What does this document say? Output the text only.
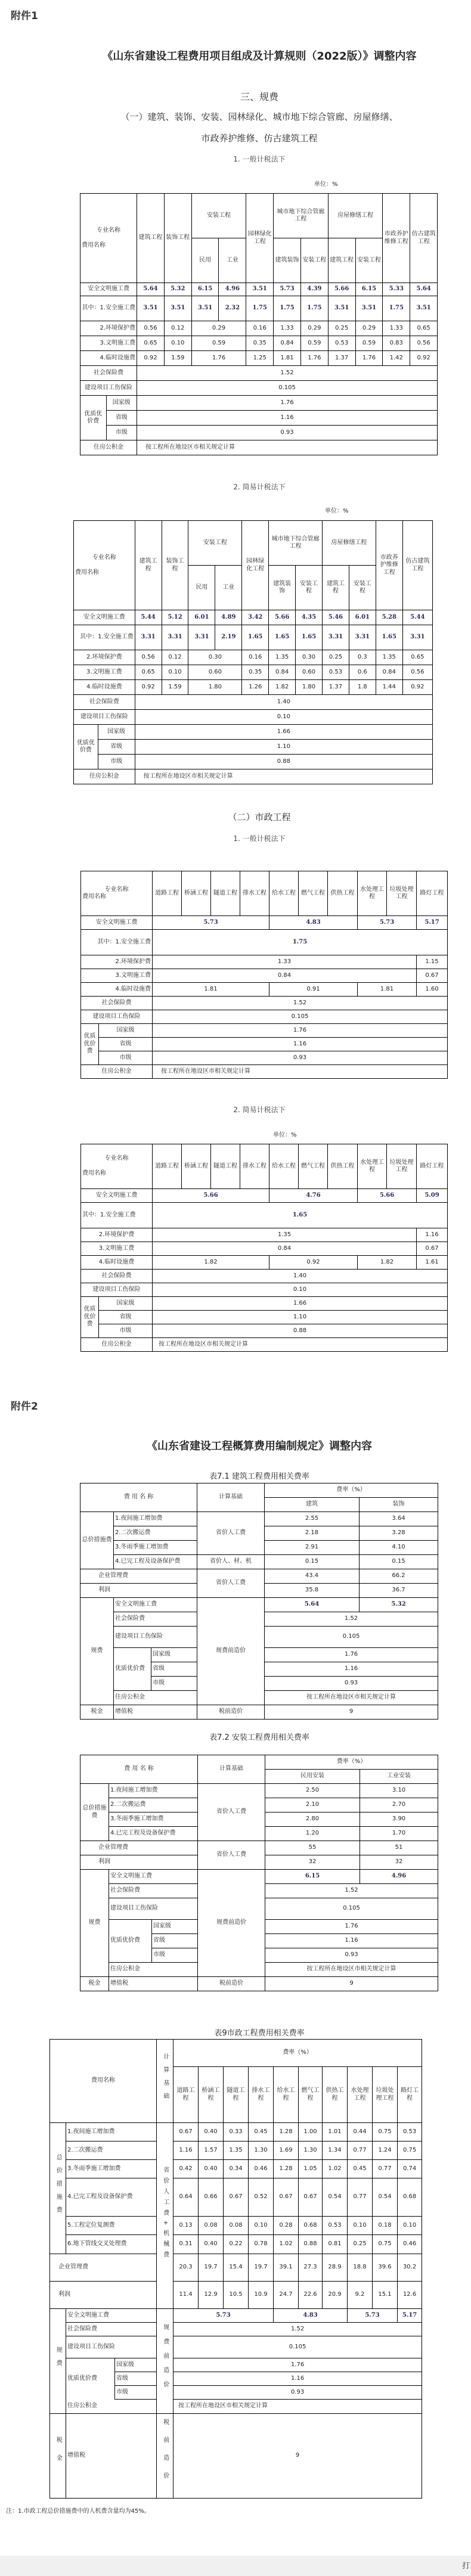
附件1
《山东省建设工程费用项目组成及计算规则（2022版）》调整内容
三、规费
（一）建筑、装饰、安装、园林绿化、城市地下综合管廊、房屋修缮、
市政养护维修、仿古建筑工程
1. 一般计税法下
单位：%
专业名称

费用名称		建筑工程	装饰工程	安装工程		园林绿化工程	城市地下综合管廊工程		房屋修缮工程		市政养护维修工程	仿古建筑工程
				民用	工业		建筑装饰	安装工程	建筑工程	安装工程		
安全文明施工费		5.64	5.32	6.15	4.96	3.51	5.73	4.39	5.66	6.15	5.33	5.64
其中：1.安全施工费		3.51	3.51	3.51	2.32	1.75	1.75	1.75	3.51	3.51	1.75	3.51
2.环境保护费		0.56	0.12	0.29		0.16	1.33	0.29	0.25	0.29	1.33	0.65
3.文明施工费		0.65	0.10	0.59		0.35	0.84	0.59	0.53	0.59	0.83	0.56
4.临时设施费		0.92	1.59	1.76		1.25	1.81	1.76	1.37	1.76	1.42	0.92
社会保险费		1.52										
建设项目工伤保险		0.105										
优质优价费	国家级	1.76										
	省级	1.16										
	市级	0.93										
住房公积金		按工程所在地设区市相关规定计算										
2. 简易计税法下
单位：%
专业名称

费用名称		建筑工程	装饰工程	安装工程		园林绿化工程	城市地下综合管廊工程		房屋修缮工程		市政养护维修工程	仿古建筑工程
				民用	工业		建筑装饰	安装工程	建筑工程	安装工程		
安全文明施工费		5.44	5.12	6.01	4.89	3.42	5.66	4.35	5.46	6.01	5.28	5.44
其中：1.安全施工费		3.31	3.31	3.31	2.19	1.65	1.65	1.65	3.31	3.31	1.65	3.31
2.环境保护费		0.56	0.12	0.30		0.16	1.35	0.30	0.25	0.3	1.35	0.65
3.文明施工费		0.65	0.10	0.60		0.35	0.84	0.60	0.53	0.6	0.84	0.56
4.临时设施费		0.92	1.59	1.80		1.26	1.82	1.80	1.37	1.8	1.44	0.92
社会保险费		1.40										
建设项目工伤保险		0.10										
优质优价费	国家级	1.66										
	省级	1.10										
	市级	0.88										
住房公积金		按工程所在地设区市相关规定计算										
（二）市政工程
1. 一般计税法下
专业名称
费用名称		道路工程	桥涵工程	隧道工程	排水工程	给水工程	燃气工程	供热工程	水处理工程	垃圾处理工程	路灯工程
安全文明施工费		5.73				4.83			5.73		5.17
其中：1.安全施工费		1.75									
2.环境保护费		1.33									1.15
3.文明施工费		0.84									0.67
4.临时设施费		1.81				0.91			1.81		1.60
社会保险费		1.52									
建设项目工伤保险		0.105									
优质优价费	国家级	1.76									
	省级	1.16									
	市级	0.93									
住房公积金		按工程所在地设区市相关规定计算									
2. 简易计税法下
单位：%
专业名称

费用名称		道路工程	桥涵工程	隧道工程	排水工程	给水工程	燃气工程	供热工程	水处理工程	垃圾处理工程	路灯工程
安全文明施工费		5.66				4.76			5.66		5.09
其中：1.安全施工费		1.65									
2.环境保护费		1.35									1.16
3.文明施工费		0.84									0.67
4.临时设施费		1.82				0.92			1.82		1.61
社会保险费		1.40									
建设项目工伤保险		0.10									
优质优价费	国家级	1.66									
	省级	1.10									
	市级	0.88									
住房公积金		按工程所在地设区市相关规定计算									
附件2
《山东省建设工程概算费用编制规定》调整内容
表7.1 建筑工程费用相关费率
费 用 名 称			计算基础	费率（%）	
				建筑	装饰
总价措施费	1.夜间施工增加费		省价人工费	2.55	3.64
	2.二次搬运费			2.18	3.28
	3.冬雨季施工增加费			2.91	4.10
	4.已完工程及设备保护费		省价人、材、机	0.15	0.15
企业管理费			省价人工费	43.4	66.2
利润				35.8	36.7
规费	安全文明施工费		规费前造价	5.64	5.32
	社会保险费			1.52	
	建设项目工伤保险			0.105	
	优质优价费	国家级		1.76	
		省级		1.16	
		市级		0.93	
	住房公积金			按工程所在地设区市相关规定计算	
税金	增值税		税前造价	9	
表7.2 安装工程费用相关费率
费 用 名 称			计算基础	费率（%）	
				民用安装	工业安装
总价措施费	1.夜间施工增加费		省价人工费	2.50	3.10
	2.二次搬运费			2.10	2.70
	3.冬雨季施工增加费			2.80	3.90
	4.已完工程及设备保护费			1.20	1.70
企业管理费			省价人工费	55	51
利润				32	32
规费	安全文明施工费		规费前造价	6.15	4.96
	社会保险费			1.52	
	建设项目工伤保险			0.105	
	优质优价费	国家级		1.76	
		省级		1.16	
		市级		0.93	
	住房公积金			按工程所在地设区市相关规定计算	
税金	增值税		税前造价	9	
表9市政工程费用相关费率
费用名称			计算基础	费率（%）									
				道路工程	桥涵工程	隧道工程	排水工程	给水工程	燃气工程	供热工程	水处理工程	垃圾处理工程	路灯工程
总价措施费	1.夜间施工增加费		省价人工费+机械费	0.67	0.40	0.33	0.45	1.28	1.00	1.01	0.44	0.75	0.53
	2.二次搬运费			1.16	1.57	1.35	1.30	1.69	1.30	1.34	0.77	1.24	0.75
	3.冬雨季施工增加费			0.42	0.40	0.34	0.46	1.28	1.05	1.02	0.45	0.77	0.74
	4.已完工程及设备保护费			0.64	0.66	0.67	0.52	0.67	0.67	0.54	0.77	0.54	0.68
	5.工程定位复测费			0.13	0.08	0.08	0.10	0.28	0.68	0.53	0.10	0.18	0.10
	6.地下管线交叉处理费			0.31	0.40	0.22	0.78	1.02	0.88	0.81	0.25	0.75	0.46
企业管理费				20.3	19.7	15.4	19.7	39.1	27.3	28.9	18.8	39.6	30.2
利润				11.4	12.9	10.5	10.9	24.7	22.6	20.9	9.2	15.1	12.6
规费	安全文明施工费		规费前造价	5.73				4.83			5.73		5.17
	社会保险费			1.52									
	建设项目工伤保险			0.105									
	优质优价费	国家级		1.76									
		省级		1.16									
		市级		0.93									
	住房公积金			按工程所在地设区市相关规定计算									
税金	增值税		税前造价	9									
注：1.市政工程总价措施费中的人机费含量均为45%。
打
